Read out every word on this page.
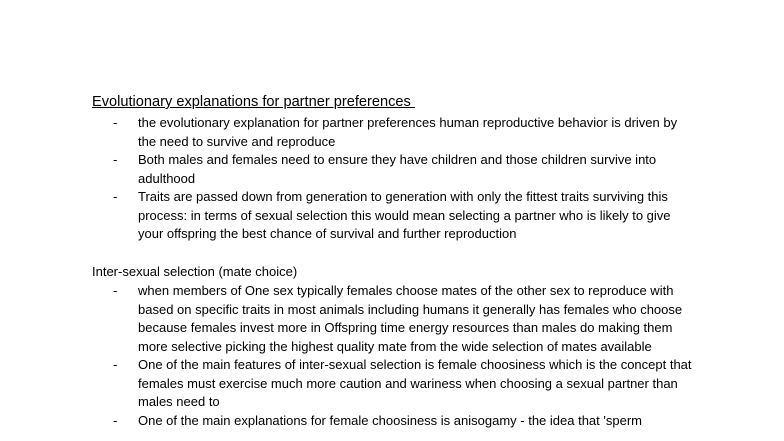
Evolutionary explanations for partner preferences
- the evolutionary explanation for partner preferences human reproductive behavior is driven by the need to survive and reproduce
- Both males and females need to ensure they have children and those children survive into adulthood
- Traits are passed down from generation to generation with only the fittest traits surviving this process: in terms of sexual selection this would mean selecting a partner who is likely to give your offspring the best chance of survival and further reproduction

Inter-sexual selection (mate choice)

- when members of One sex typically females choose mates of the other sex to reproduce with based on specific traits in most animals including humans it generally has females who choose because females invest more in Offspring time energy resources than males do making them more selective picking the highest quality mate from the wide selection of mates available
- One of the main features of inter-sexual selection is female choosiness which is the concept that females must exercise much more caution and wariness when choosing a sexual partner than males need to
- One of the main explanations for female choosiness is anisogamy - the idea that 'sperm
